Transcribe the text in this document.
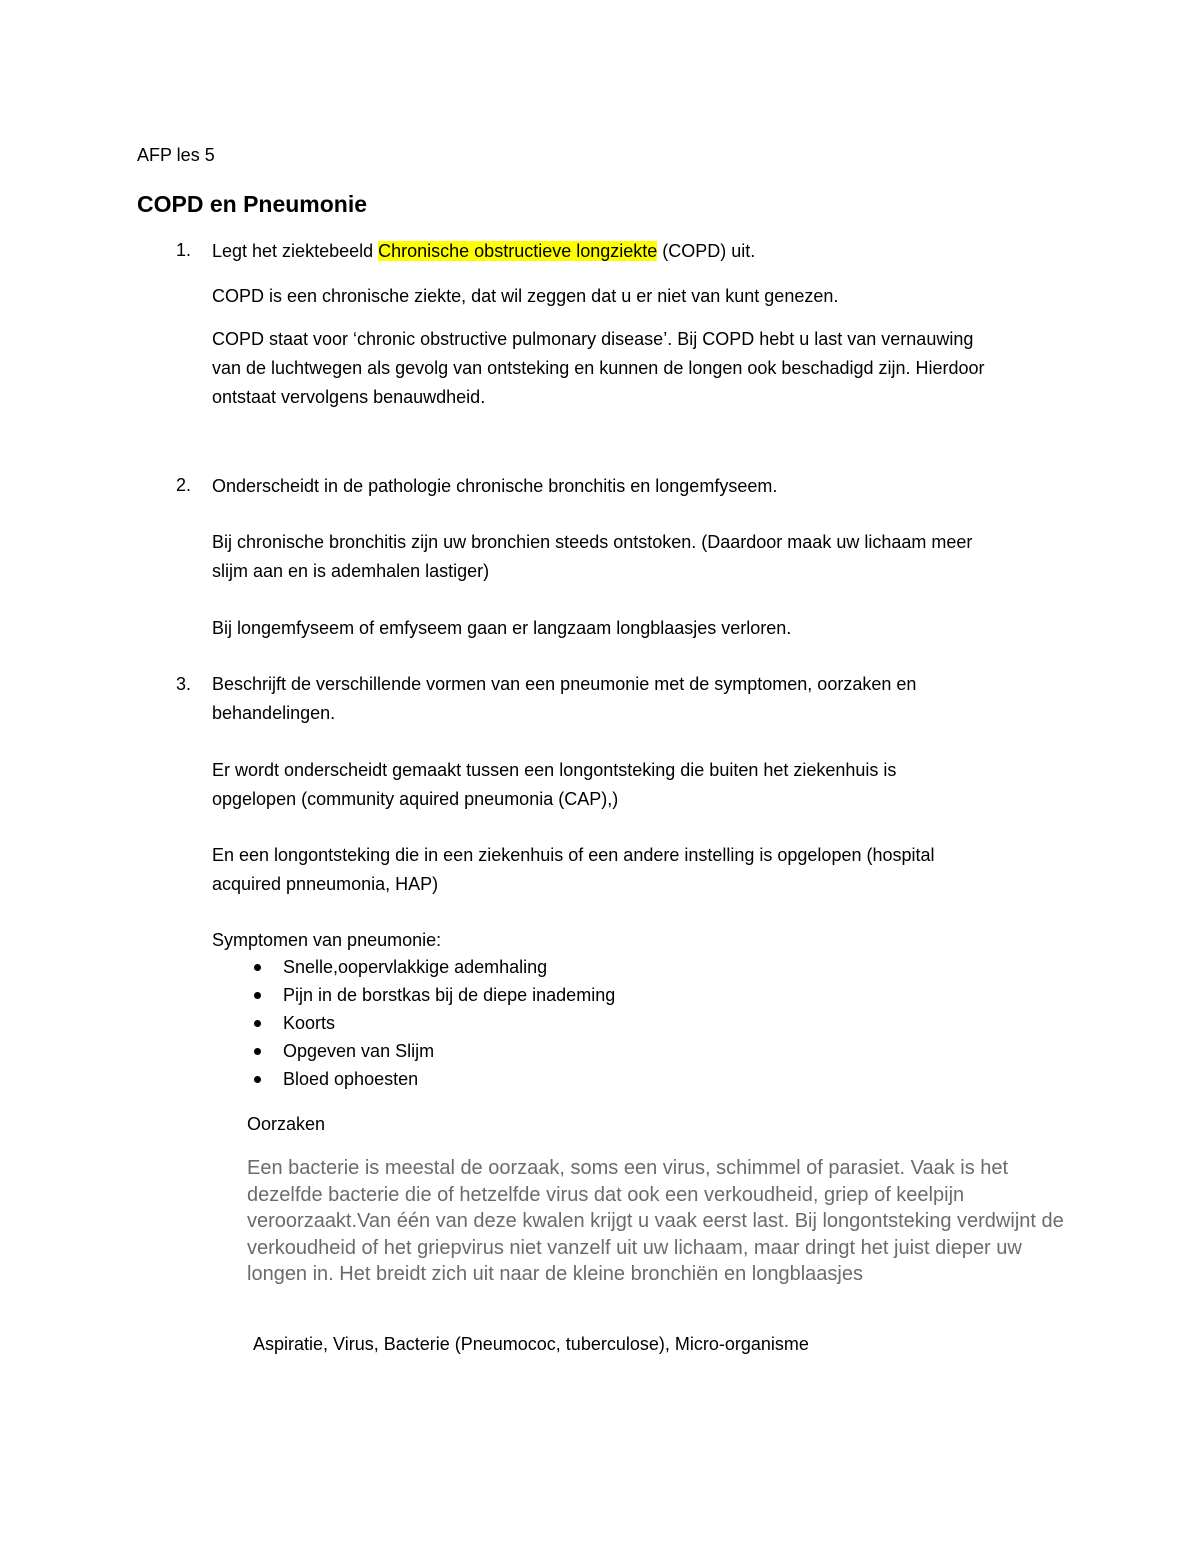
AFP les 5
COPD en Pneumonie
1. Legt het ziektebeeld Chronische obstructieve longziekte (COPD) uit.
COPD is een chronische ziekte, dat wil zeggen dat u er niet van kunt genezen.
COPD staat voor ‘chronic obstructive pulmonary disease’. Bij COPD hebt u last van vernauwing
van de luchtwegen als gevolg van ontsteking en kunnen de longen ook beschadigd zijn. Hierdoor
ontstaat vervolgens benauwdheid.
2. Onderscheidt in de pathologie chronische bronchitis en longemfyseem.
Bij chronische bronchitis zijn uw bronchien steeds ontstoken. (Daardoor maak uw lichaam meer
slijm aan en is ademhalen lastiger)
Bij longemfyseem of emfyseem gaan er langzaam longblaasjes verloren.
3. Beschrijft de verschillende vormen van een pneumonie met de symptomen, oorzaken en
behandelingen.
Er wordt onderscheidt gemaakt tussen een longontsteking die buiten het ziekenhuis is
opgelopen (community aquired pneumonia (CAP),)
En een longontsteking die in een ziekenhuis of een andere instelling is opgelopen (hospital
acquired pnneumonia, HAP)
Symptomen van pneumonie:
Snelle,oopervlakkige ademhaling
Pijn in de borstkas bij de diepe inademing
Koorts
Opgeven van Slijm
Bloed ophoesten
Oorzaken
Een bacterie is meestal de oorzaak, soms een virus, schimmel of parasiet. Vaak is het dezelfde bacterie die of hetzelfde virus dat ook een verkoudheid, griep of keelpijn veroorzaakt.Van één van deze kwalen krijgt u vaak eerst last. Bij longontsteking verdwijnt de verkoudheid of het griepvirus niet vanzelf uit uw lichaam, maar dringt het juist dieper uw longen in. Het breidt zich uit naar de kleine bronchiën en longblaasjes
Aspiratie, Virus, Bacterie (Pneumococ, tuberculose), Micro-organisme
